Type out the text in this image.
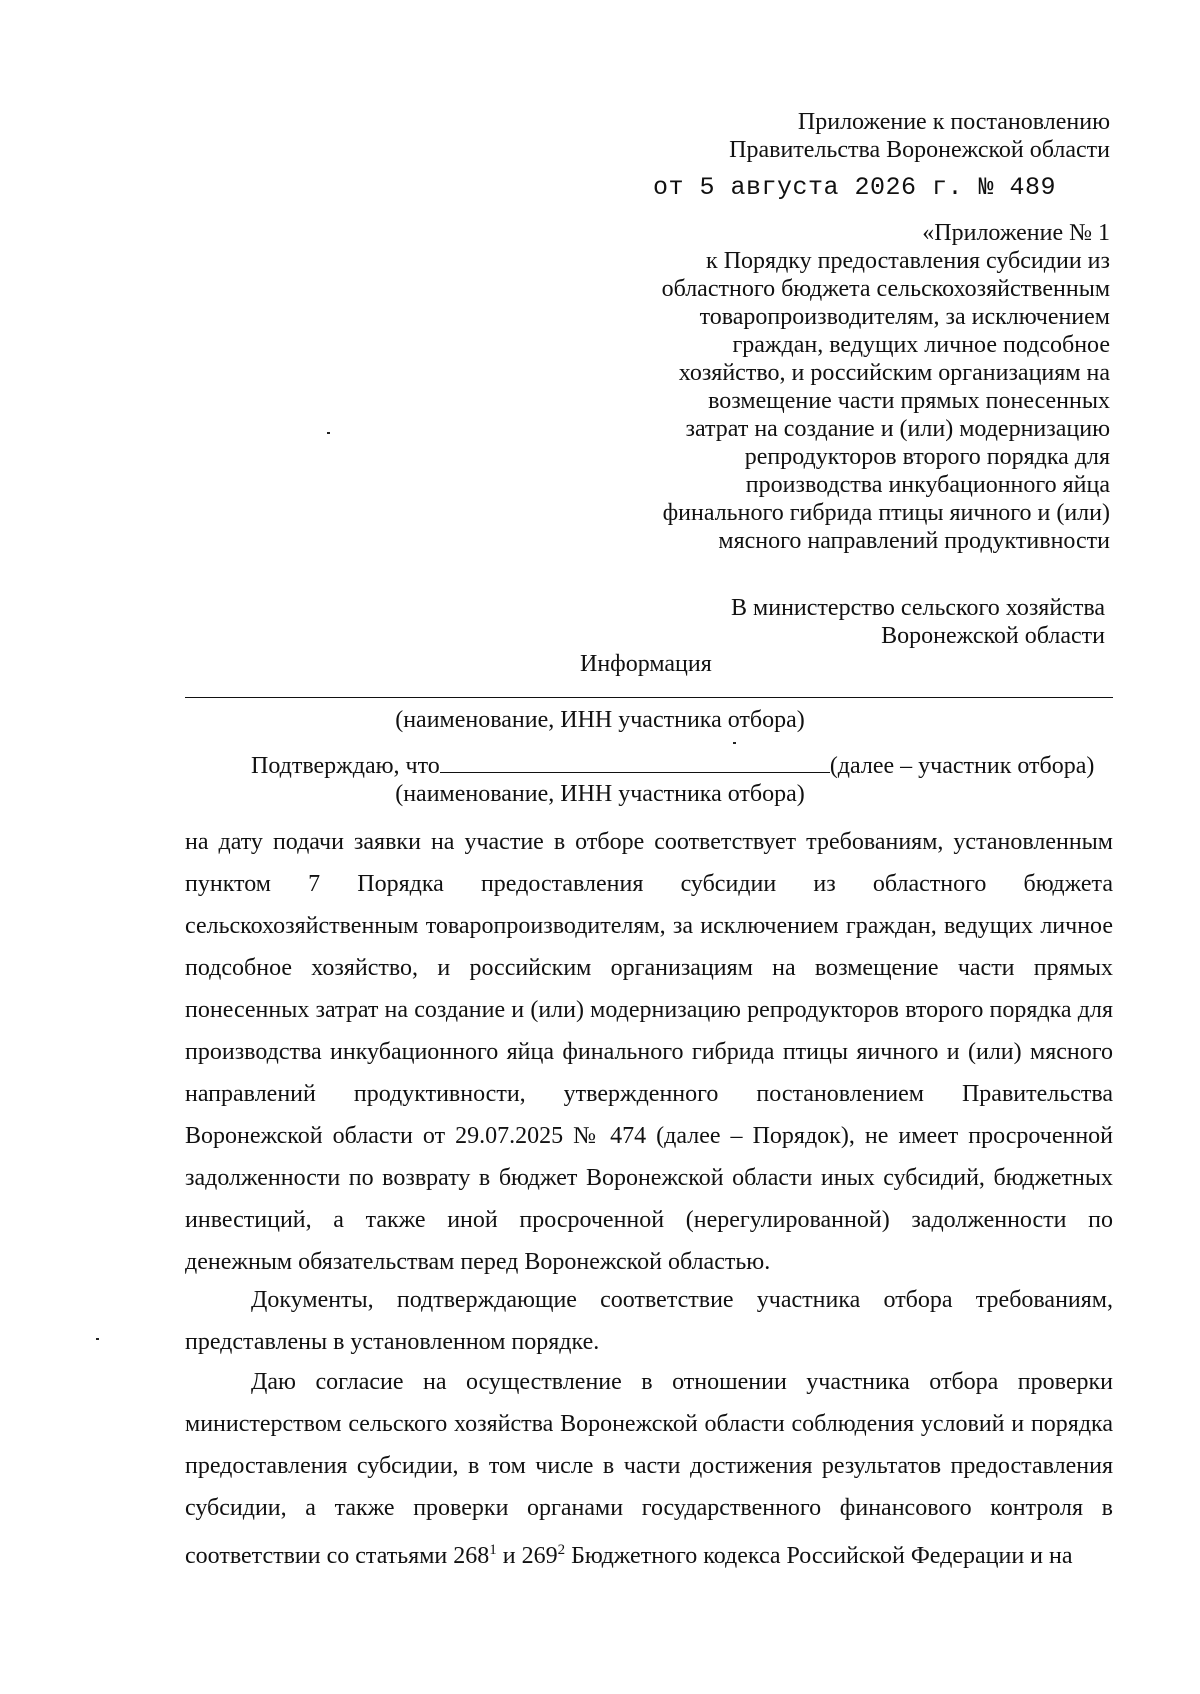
Приложение к постановлению
Правительства Воронежской области
от 5 августа 2026 г. № 489
«Приложение № 1
к Порядку предоставления субсидии из
областного бюджета сельскохозяйственным
товаропроизводителям, за исключением
граждан, ведущих личное подсобное
хозяйство, и российским организациям на
возмещение части прямых понесенных
затрат на создание и (или) модернизацию
репродукторов второго порядка для
производства инкубационного яйца
финального гибрида птицы яичного и (или)
мясного направлений продуктивности
В министерство сельского хозяйства
Воронежской области
Информация
(наименование, ИНН участника отбора)
Подтверждаю, что	(далее – участник отбора)
(наименование, ИНН участника отбора)
на дату подачи заявки на участие в отборе соответствует требованиям, установленным пунктом 7 Порядка предоставления субсидии из областного бюджета сельскохозяйственным товаропроизводителям, за исключением граждан, ведущих личное подсобное хозяйство, и российским организациям на возмещение части прямых понесенных затрат на создание и (или) модернизацию репродукторов второго порядка для производства инкубационного яйца финального гибрида птицы яичного и (или) мясного направлений продуктивности, утвержденного постановлением Правительства Воронежской области от 29.07.2025 № 474 (далее – Порядок), не имеет просроченной задолженности по возврату в бюджет Воронежской области иных субсидий, бюджетных инвестиций, а также иной просроченной (нерегулированной) задолженности по денежным обязательствам перед Воронежской областью.
Документы, подтверждающие соответствие участника отбора требованиям, представлены в установленном порядке.
Даю согласие на осуществление в отношении участника отбора проверки министерством сельского хозяйства Воронежской области соблюдения условий и порядка предоставления субсидии, в том числе в части достижения результатов предоставления субсидии, а также проверки органами государственного финансового контроля в соответствии со статьями $268^1$ и $269^2$ Бюджетного кодекса Российской Федерации и на
